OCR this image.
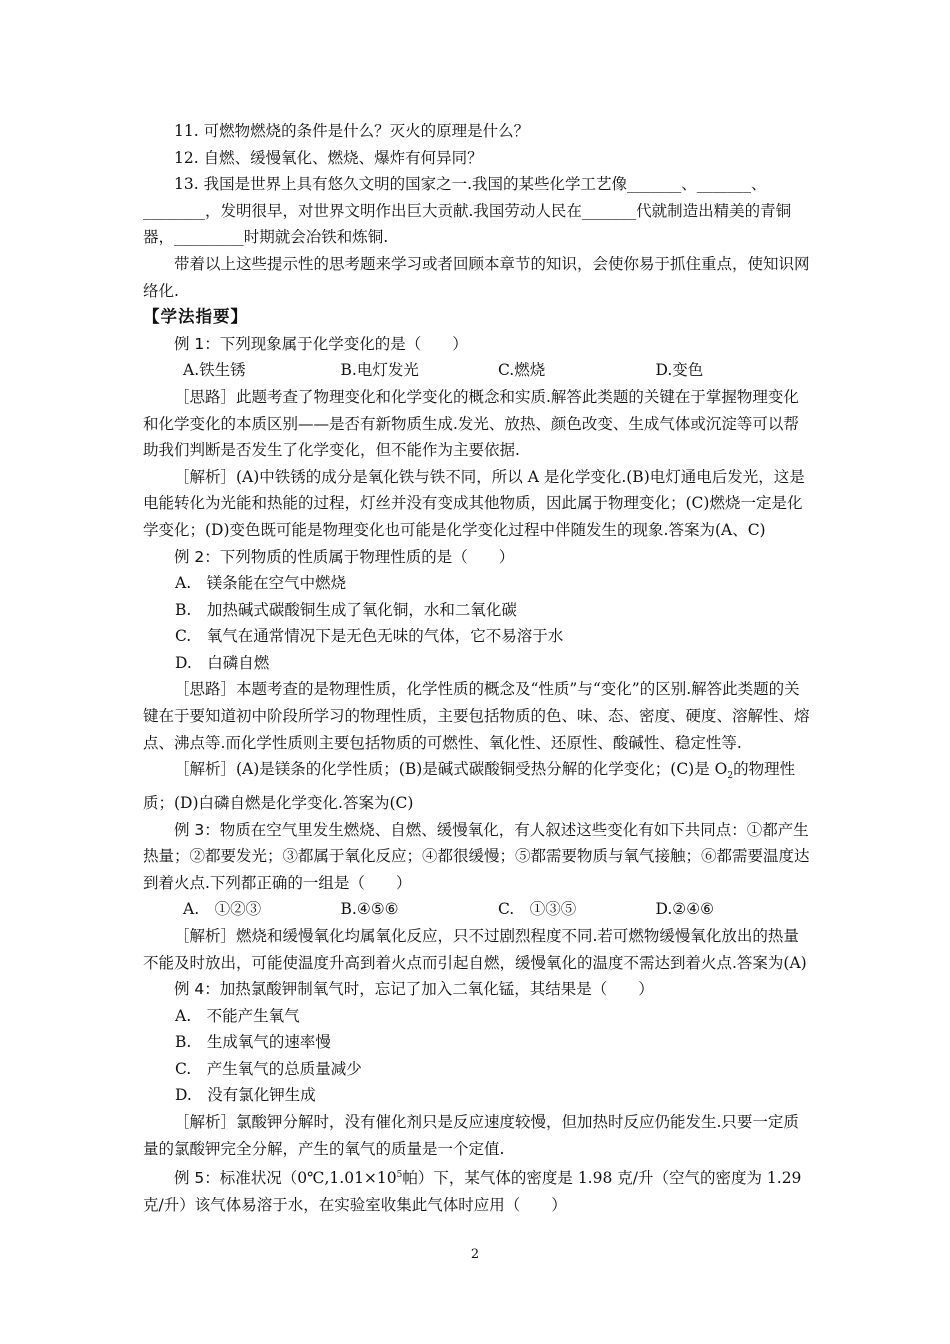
11. 可燃物燃烧的条件是什么？灭火的原理是什么？

12. 自燃、缓慢氧化、燃烧、爆炸有何异同？

13. 我国是世界上具有悠久文明的国家之一.我国的某些化学工艺像_______、_______、________，发明很早，对世界文明作出巨大贡献.我国劳动人民在_______代就制造出精美的青铜器，_________时期就会冶铁和炼铜.

带着以上这些提示性的思考题来学习或者回顾本章节的知识，会使你易于抓住重点，使知识网络化.

【学法指要】

例 1：下列现象属于化学变化的是（　　）

A.铁生锈	B.电灯发光	C.燃烧	D.变色

［思路］此题考查了物理变化和化学变化的概念和实质.解答此类题的关键在于掌握物理变化和化学变化的本质区别——是否有新物质生成.发光、放热、颜色改变、生成气体或沉淀等可以帮助我们判断是否发生了化学变化，但不能作为主要依据.

［解析］(A)中铁锈的成分是氧化铁与铁不同，所以 A 是化学变化.(B)电灯通电后发光，这是电能转化为光能和热能的过程，灯丝并没有变成其他物质，因此属于物理变化；(C)燃烧一定是化学变化；(D)变色既可能是物理变化也可能是化学变化过程中伴随发生的现象.答案为(A、C)

例 2：下列物质的性质属于物理性质的是（　　）

A.　镁条能在空气中燃烧

B.　加热碱式碳酸铜生成了氧化铜，水和二氧化碳

C.　氧气在通常情况下是无色无味的气体，它不易溶于水

D.　白磷自燃

［思路］本题考查的是物理性质，化学性质的概念及“性质”与“变化”的区别.解答此类题的关键在于要知道初中阶段所学习的物理性质，主要包括物质的色、味、态、密度、硬度、溶解性、熔点、沸点等.而化学性质则主要包括物质的可燃性、氧化性、还原性、酸碱性、稳定性等.

［解析］(A)是镁条的化学性质；(B)是碱式碳酸铜受热分解的化学变化；(C)是 $O_2$的物理性质；(D)白磷自燃是化学变化.答案为(C)

例 3：物质在空气里发生燃烧、自燃、缓慢氧化，有人叙述这些变化有如下共同点：①都产生热量；②都要发光；③都属于氧化反应；④都很缓慢；⑤都需要物质与氧气接触；⑥都需要温度达到着火点.下列都正确的一组是（　　）

A.　①②③	B.④⑤⑥	C.　①③⑤	D.②④⑥

［解析］燃烧和缓慢氧化均属氧化反应，只不过剧烈程度不同.若可燃物缓慢氧化放出的热量不能及时放出，可能使温度升高到着火点而引起自燃，缓慢氧化的温度不需达到着火点.答案为(A)

例 4：加热氯酸钾制氧气时，忘记了加入二氧化锰，其结果是（　　）

A.　不能产生氧气

B.　生成氧气的速率慢

C.　产生氧气的总质量减少

D.　没有氯化钾生成

［解析］氯酸钾分解时，没有催化剂只是反应速度较慢，但加热时反应仍能发生.只要一定质量的氯酸钾完全分解，产生的氧气的质量是一个定值.

例 5：标准状况（$0℃,1.01\times 10^5$帕）下，某气体的密度是 1.98 克/升（空气的密度为 1.29 克/升）该气体易溶于水，在实验室收集此气体时应用（　　）

2
